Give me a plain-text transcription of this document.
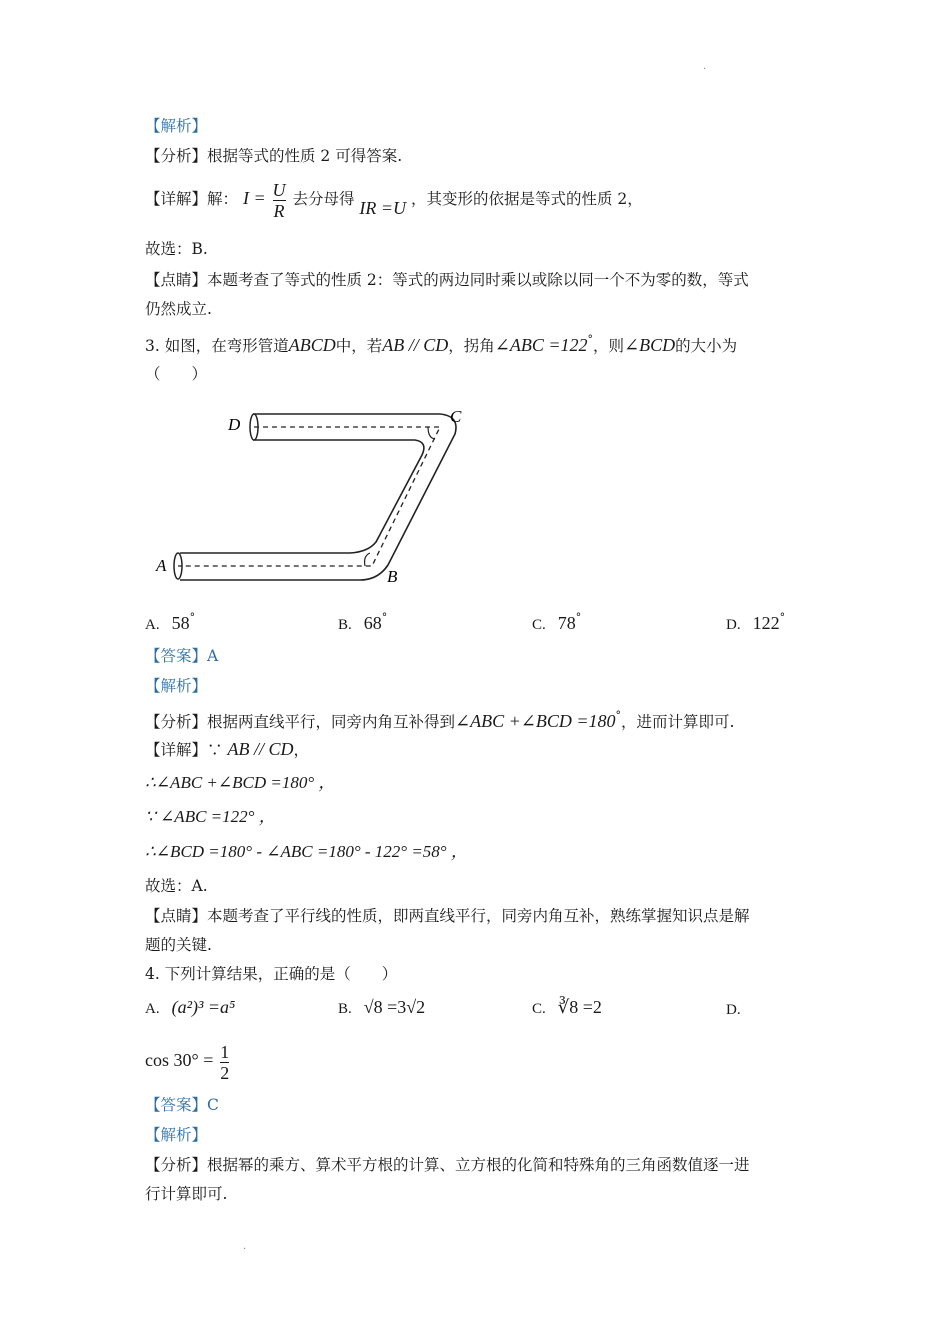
·
【解析】
【分析】根据等式的性质 2 可得答案.
【详解】解： $I = \frac{U}{R}$ 去分母得 IR =U ，其变形的依据是等式的性质 2，
故选：B.
【点睛】本题考查了等式的性质 2：等式的两边同时乘以或除以同一个不为零的数，等式
仍然成立.
3. 如图，在弯形管道ABCD中，若AB // CD，拐角∠ABC =122°，则∠BCD的大小为
（　　）
D	C
A
B
A. 58°	B. 68°	C. 78°	D. 122°
【答案】A
【解析】
【分析】根据两直线平行，同旁内角互补得到∠ABC +∠BCD =180°，进而计算即可.
【详解】∵ AB // CD，
∴∠ABC +∠BCD =180° ，
∵ ∠ABC =122° ，
∴∠BCD =180° - ∠ABC =180° - 122° =58° ，
故选：A.
【点睛】本题考查了平行线的性质，即两直线平行，同旁内角互补，熟练掌握知识点是解
题的关键.
4. 下列计算结果，正确的是（　　）
A. (a²)³ =a⁵	B. √8 =3√2	C. ∛8 =2	D.
$\cos 30^\circ = \frac{1}{2}$
【答案】C
【解析】
【分析】根据幂的乘方、算术平方根的计算、立方根的化简和特殊角的三角函数值逐一进
行计算即可.
·
